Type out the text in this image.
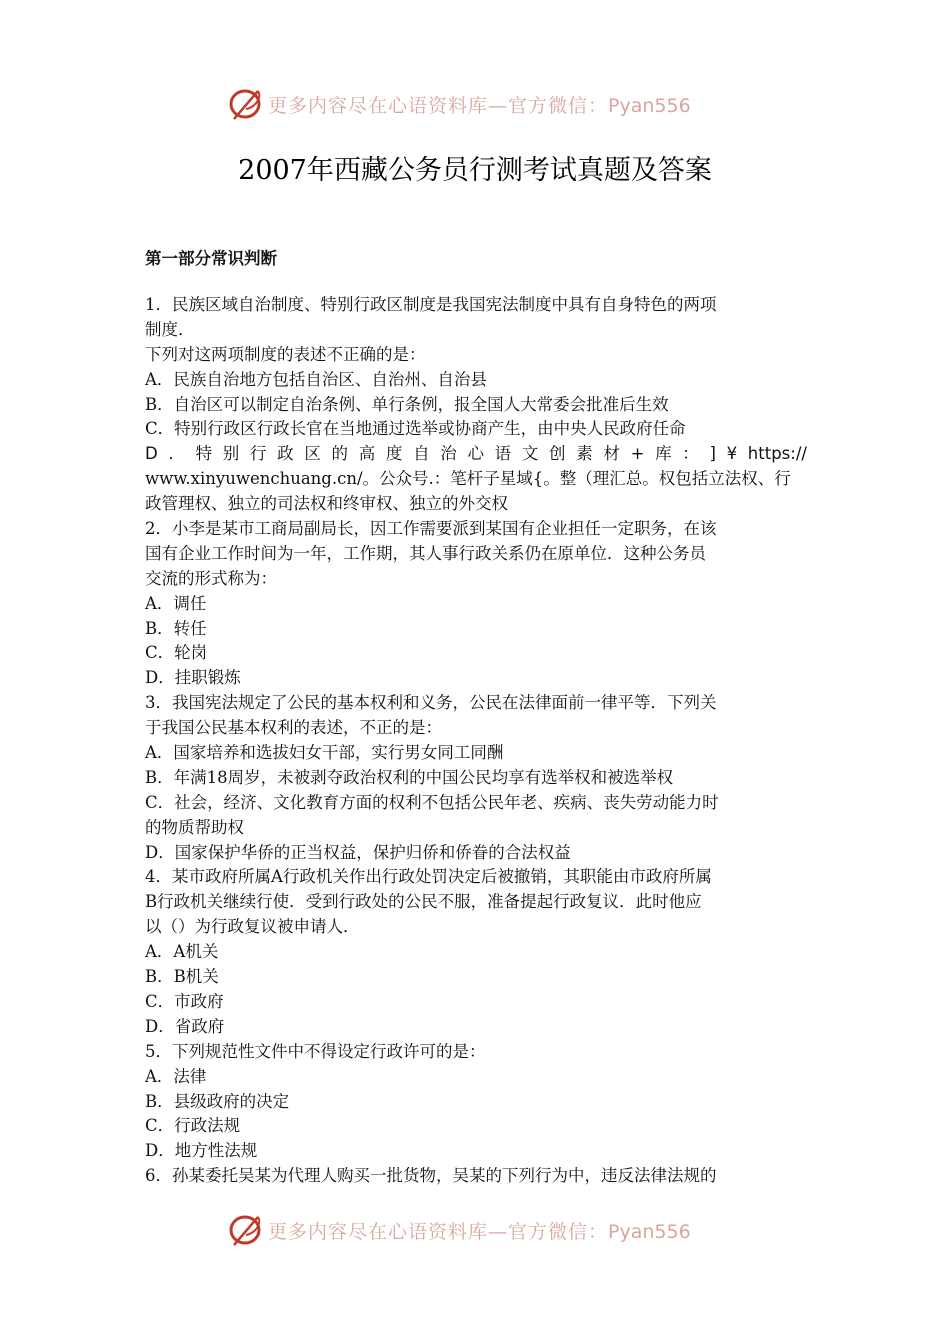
更多内容尽在心语资料库—官方微信：Pyan556
2007年西藏公务员行测考试真题及答案
第一部分常识判断
1．民族区域自治制度、特别行政区制度是我国宪法制度中具有自身特色的两项
制度．
下列对这两项制度的表述不正确的是：
A．民族自治地方包括自治区、自治州、自治县
B．自治区可以制定自治条例、单行条例，报全国人大常委会批准后生效
C．特别行政区行政长官在当地通过选举或协商产生，由中央人民政府任命
D ． 特 别 行 政 区 的 高 度 自 治 心 语 文 创 素 材 + 库 ： ] ¥ https://
www.xinyuwenchuang.cn/。公众号.：笔杆子星域{。整（理汇总。权包括立法权、行
政管理权、独立的司法权和终审权、独立的外交权
2．小李是某市工商局副局长，因工作需要派到某国有企业担任一定职务，在该
国有企业工作时间为一年，工作期，其人事行政关系仍在原单位．这种公务员
交流的形式称为：
A．调任
B．转任
C．轮岗
D．挂职锻炼
3．我国宪法规定了公民的基本权利和义务，公民在法律面前一律平等．下列关
于我国公民基本权利的表述，不正的是：
A．国家培养和选拔妇女干部，实行男女同工同酬
B．年满18周岁，未被剥夺政治权利的中国公民均享有选举权和被选举权
C．社会，经济、文化教育方面的权利不包括公民年老、疾病、丧失劳动能力时
的物质帮助权
D．国家保护华侨的正当权益，保护归侨和侨眷的合法权益
4．某市政府所属A行政机关作出行政处罚决定后被撤销，其职能由市政府所属
B行政机关继续行使．受到行政处的公民不服，准备提起行政复议．此时他应
以（）为行政复议被申请人．
A．A机关
B．B机关
C．市政府
D．省政府
5．下列规范性文件中不得设定行政许可的是：
A．法律
B．县级政府的决定
C．行政法规
D．地方性法规
6．孙某委托吴某为代理人购买一批货物，吴某的下列行为中，违反法律法规的
更多内容尽在心语资料库—官方微信：Pyan556
